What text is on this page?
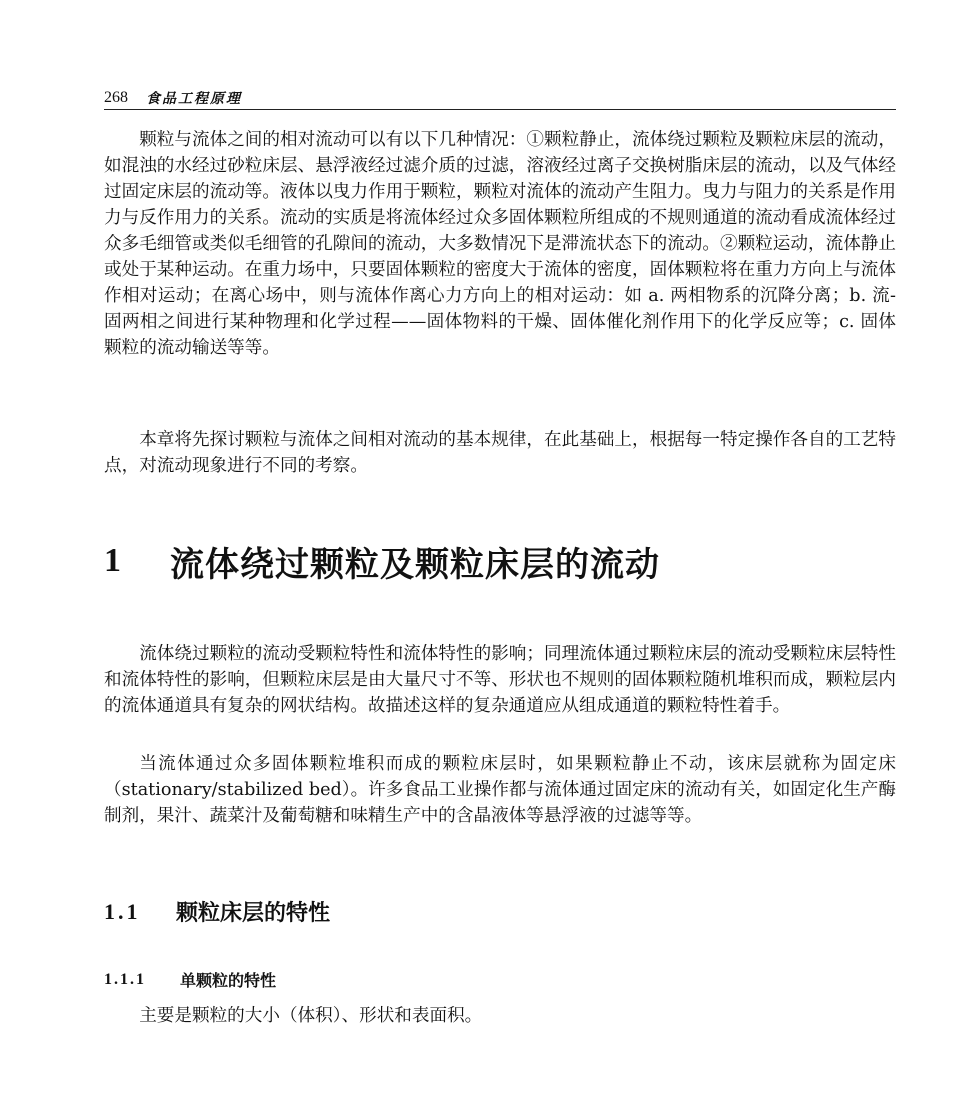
268 食品工程原理

颗粒与流体之间的相对流动可以有以下几种情况：①颗粒静止，流体绕过颗粒及颗粒床层的流动，如混浊的水经过砂粒床层、悬浮液经过滤介质的过滤，溶液经过离子交换树脂床层的流动，以及气体经过固定床层的流动等。液体以曳力作用于颗粒，颗粒对流体的流动产生阻力。曳力与阻力的关系是作用力与反作用力的关系。流动的实质是将流体经过众多固体颗粒所组成的不规则通道的流动看成流体经过众多毛细管或类似毛细管的孔隙间的流动，大多数情况下是滞流状态下的流动。②颗粒运动，流体静止或处于某种运动。在重力场中，只要固体颗粒的密度大于流体的密度，固体颗粒将在重力方向上与流体作相对运动；在离心场中，则与流体作离心力方向上的相对运动：如 a. 两相物系的沉降分离；b. 流-固两相之间进行某种物理和化学过程——固体物料的干燥、固体催化剂作用下的化学反应等；c. 固体颗粒的流动输送等等。

本章将先探讨颗粒与流体之间相对流动的基本规律，在此基础上，根据每一特定操作各自的工艺特点，对流动现象进行不同的考察。

1	流体绕过颗粒及颗粒床层的流动

流体绕过颗粒的流动受颗粒特性和流体特性的影响；同理流体通过颗粒床层的流动受颗粒床层特性和流体特性的影响，但颗粒床层是由大量尺寸不等、形状也不规则的固体颗粒随机堆积而成，颗粒层内的流体通道具有复杂的网状结构。故描述这样的复杂通道应从组成通道的颗粒特性着手。

当流体通过众多固体颗粒堆积而成的颗粒床层时，如果颗粒静止不动，该床层就称为固定床（stationary/stabilized bed）。许多食品工业操作都与流体通过固定床的流动有关，如固定化生产酶制剂，果汁、蔬菜汁及葡萄糖和味精生产中的含晶液体等悬浮液的过滤等等。

1.1	颗粒床层的特性
1.1.1	单颗粒的特性

主要是颗粒的大小（体积）、形状和表面积。
